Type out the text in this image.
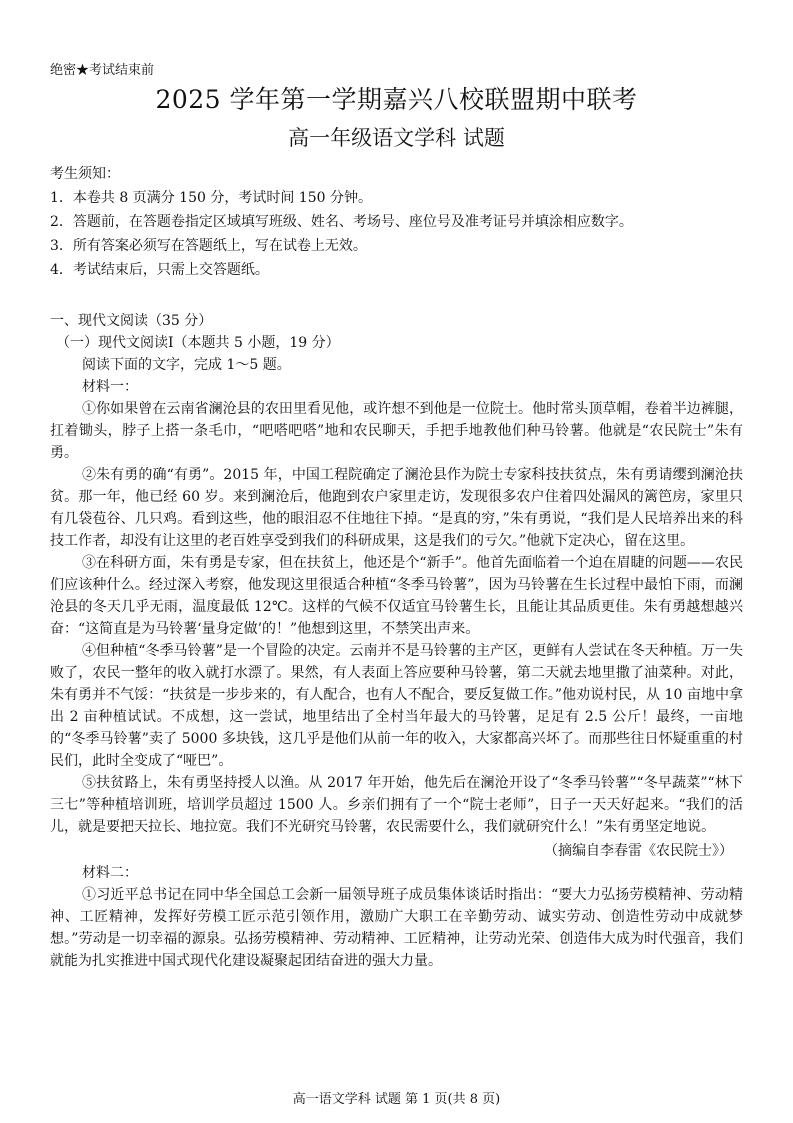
绝密★考试结束前
2025 学年第一学期嘉兴八校联盟期中联考
高一年级语文学科 试题

考生须知：

1．本卷共 8 页满分 150 分，考试时间 150 分钟。

2．答题前，在答题卷指定区域填写班级、姓名、考场号、座位号及准考证号并填涂相应数字。

3．所有答案必须写在答题纸上，写在试卷上无效。

4．考试结束后，只需上交答题纸。

一、现代文阅读（35 分）
（一）现代文阅读Ⅰ（本题共 5 小题，19 分）
阅读下面的文字，完成 1～5 题。
材料一：

①你如果曾在云南省澜沧县的农田里看见他，或许想不到他是一位院士。他时常头顶草帽，卷着半边裤腿，扛着锄头，脖子上搭一条毛巾，“吧嗒吧嗒”地和农民聊天，手把手地教他们种马铃薯。他就是“农民院士”朱有勇。

②朱有勇的确“有勇”。2015 年，中国工程院确定了澜沧县作为院士专家科技扶贫点，朱有勇请缨到澜沧扶贫。那一年，他已经 60 岁。来到澜沧后，他跑到农户家里走访，发现很多农户住着四处漏风的篱笆房，家里只有几袋苞谷、几只鸡。看到这些，他的眼泪忍不住地往下掉。“是真的穷，”朱有勇说，“我们是人民培养出来的科技工作者，却没有让这里的老百姓享受到我们的科研成果，这是我们的亏欠。”他就下定决心，留在这里。

③在科研方面，朱有勇是专家，但在扶贫上，他还是个“新手”。他首先面临着一个迫在眉睫的问题——农民们应该种什么。经过深入考察，他发现这里很适合种植“冬季马铃薯”，因为马铃薯在生长过程中最怕下雨，而澜沧县的冬天几乎无雨，温度最低 12℃。这样的气候不仅适宜马铃薯生长，且能让其品质更佳。朱有勇越想越兴奋：“这简直是为马铃薯‘量身定做’的！”他想到这里，不禁笑出声来。

④但种植“冬季马铃薯”是一个冒险的决定。云南并不是马铃薯的主产区，更鲜有人尝试在冬天种植。万一失败了，农民一整年的收入就打水漂了。果然，有人表面上答应要种马铃薯，第二天就去地里撒了油菜种。对此，朱有勇并不气馁：“扶贫是一步步来的，有人配合，也有人不配合，要反复做工作。”他劝说村民，从 10 亩地中拿出 2 亩种植试试。不成想，这一尝试，地里结出了全村当年最大的马铃薯，足足有 2.5 公斤！最终，一亩地的“冬季马铃薯”卖了 5000 多块钱，这几乎是他们从前一年的收入，大家都高兴坏了。而那些往日怀疑重重的村民们，此时全变成了“哑巴”。

⑤扶贫路上，朱有勇坚持授人以渔。从 2017 年开始，他先后在澜沧开设了“冬季马铃薯”“冬早蔬菜”“林下三七”等种植培训班，培训学员超过 1500 人。乡亲们拥有了一个“院士老师”，日子一天天好起来。“我们的活儿，就是要把天拉长、地拉宽。我们不光研究马铃薯，农民需要什么，我们就研究什么！”朱有勇坚定地说。

（摘编自李春雷《农民院士》）
材料二：

①习近平总书记在同中华全国总工会新一届领导班子成员集体谈话时指出：“要大力弘扬劳模精神、劳动精神、工匠精神，发挥好劳模工匠示范引领作用，激励广大职工在辛勤劳动、诚实劳动、创造性劳动中成就梦想。”劳动是一切幸福的源泉。弘扬劳模精神、劳动精神、工匠精神，让劳动光荣、创造伟大成为时代强音，我们就能为扎实推进中国式现代化建设凝聚起团结奋进的强大力量。

高一语文学科 试题 第 1 页(共 8 页)
